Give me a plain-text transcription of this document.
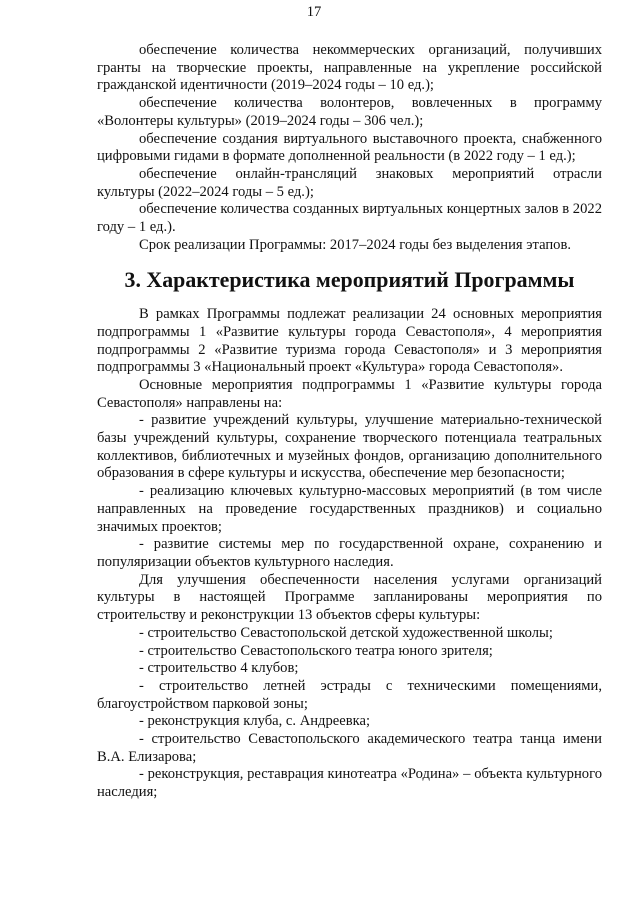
17

обеспечение количества некоммерческих организаций, получивших гранты на творческие проекты, направленные на укрепление российской гражданской идентичности (2019–2024 годы – 10 ед.);

обеспечение количества волонтеров, вовлеченных в программу «Волонтеры культуры» (2019–2024 годы – 306 чел.);

обеспечение создания виртуального выставочного проекта, снабженного цифровыми гидами в формате дополненной реальности (в 2022 году – 1 ед.);

обеспечение онлайн-трансляций знаковых мероприятий отрасли культуры (2022–2024 годы – 5 ед.);

обеспечение количества созданных виртуальных концертных залов в 2022 году – 1 ед.).

Срок реализации Программы: 2017–2024 годы без выделения этапов.

3. Характеристика мероприятий Программы

В рамках Программы подлежат реализации 24 основных мероприятия подпрограммы 1 «Развитие культуры города Севастополя», 4 мероприятия подпрограммы 2 «Развитие туризма города Севастополя» и 3 мероприятия подпрограммы 3 «Национальный проект «Культура» города Севастополя».

Основные мероприятия подпрограммы 1 «Развитие культуры города Севастополя» направлены на:

- развитие учреждений культуры, улучшение материально-технической базы учреждений культуры, сохранение творческого потенциала театральных коллективов, библиотечных и музейных фондов, организацию дополнительного образования в сфере культуры и искусства, обеспечение мер безопасности;

- реализацию ключевых культурно-массовых мероприятий (в том числе направленных на проведение государственных праздников) и социально значимых проектов;

- развитие системы мер по государственной охране, сохранению и популяризации объектов культурного наследия.

Для улучшения обеспеченности населения услугами организаций культуры в настоящей Программе запланированы мероприятия по строительству и реконструкции 13 объектов сферы культуры:

- строительство Севастопольской детской художественной школы;

- строительство Севастопольского театра юного зрителя;

- строительство 4 клубов;

- строительство летней эстрады с техническими помещениями, благоустройством парковой зоны;

- реконструкция клуба, с. Андреевка;

- строительство Севастопольского академического театра танца имени В.А. Елизарова;

- реконструкция, реставрация кинотеатра «Родина» – объекта культурного наследия;
